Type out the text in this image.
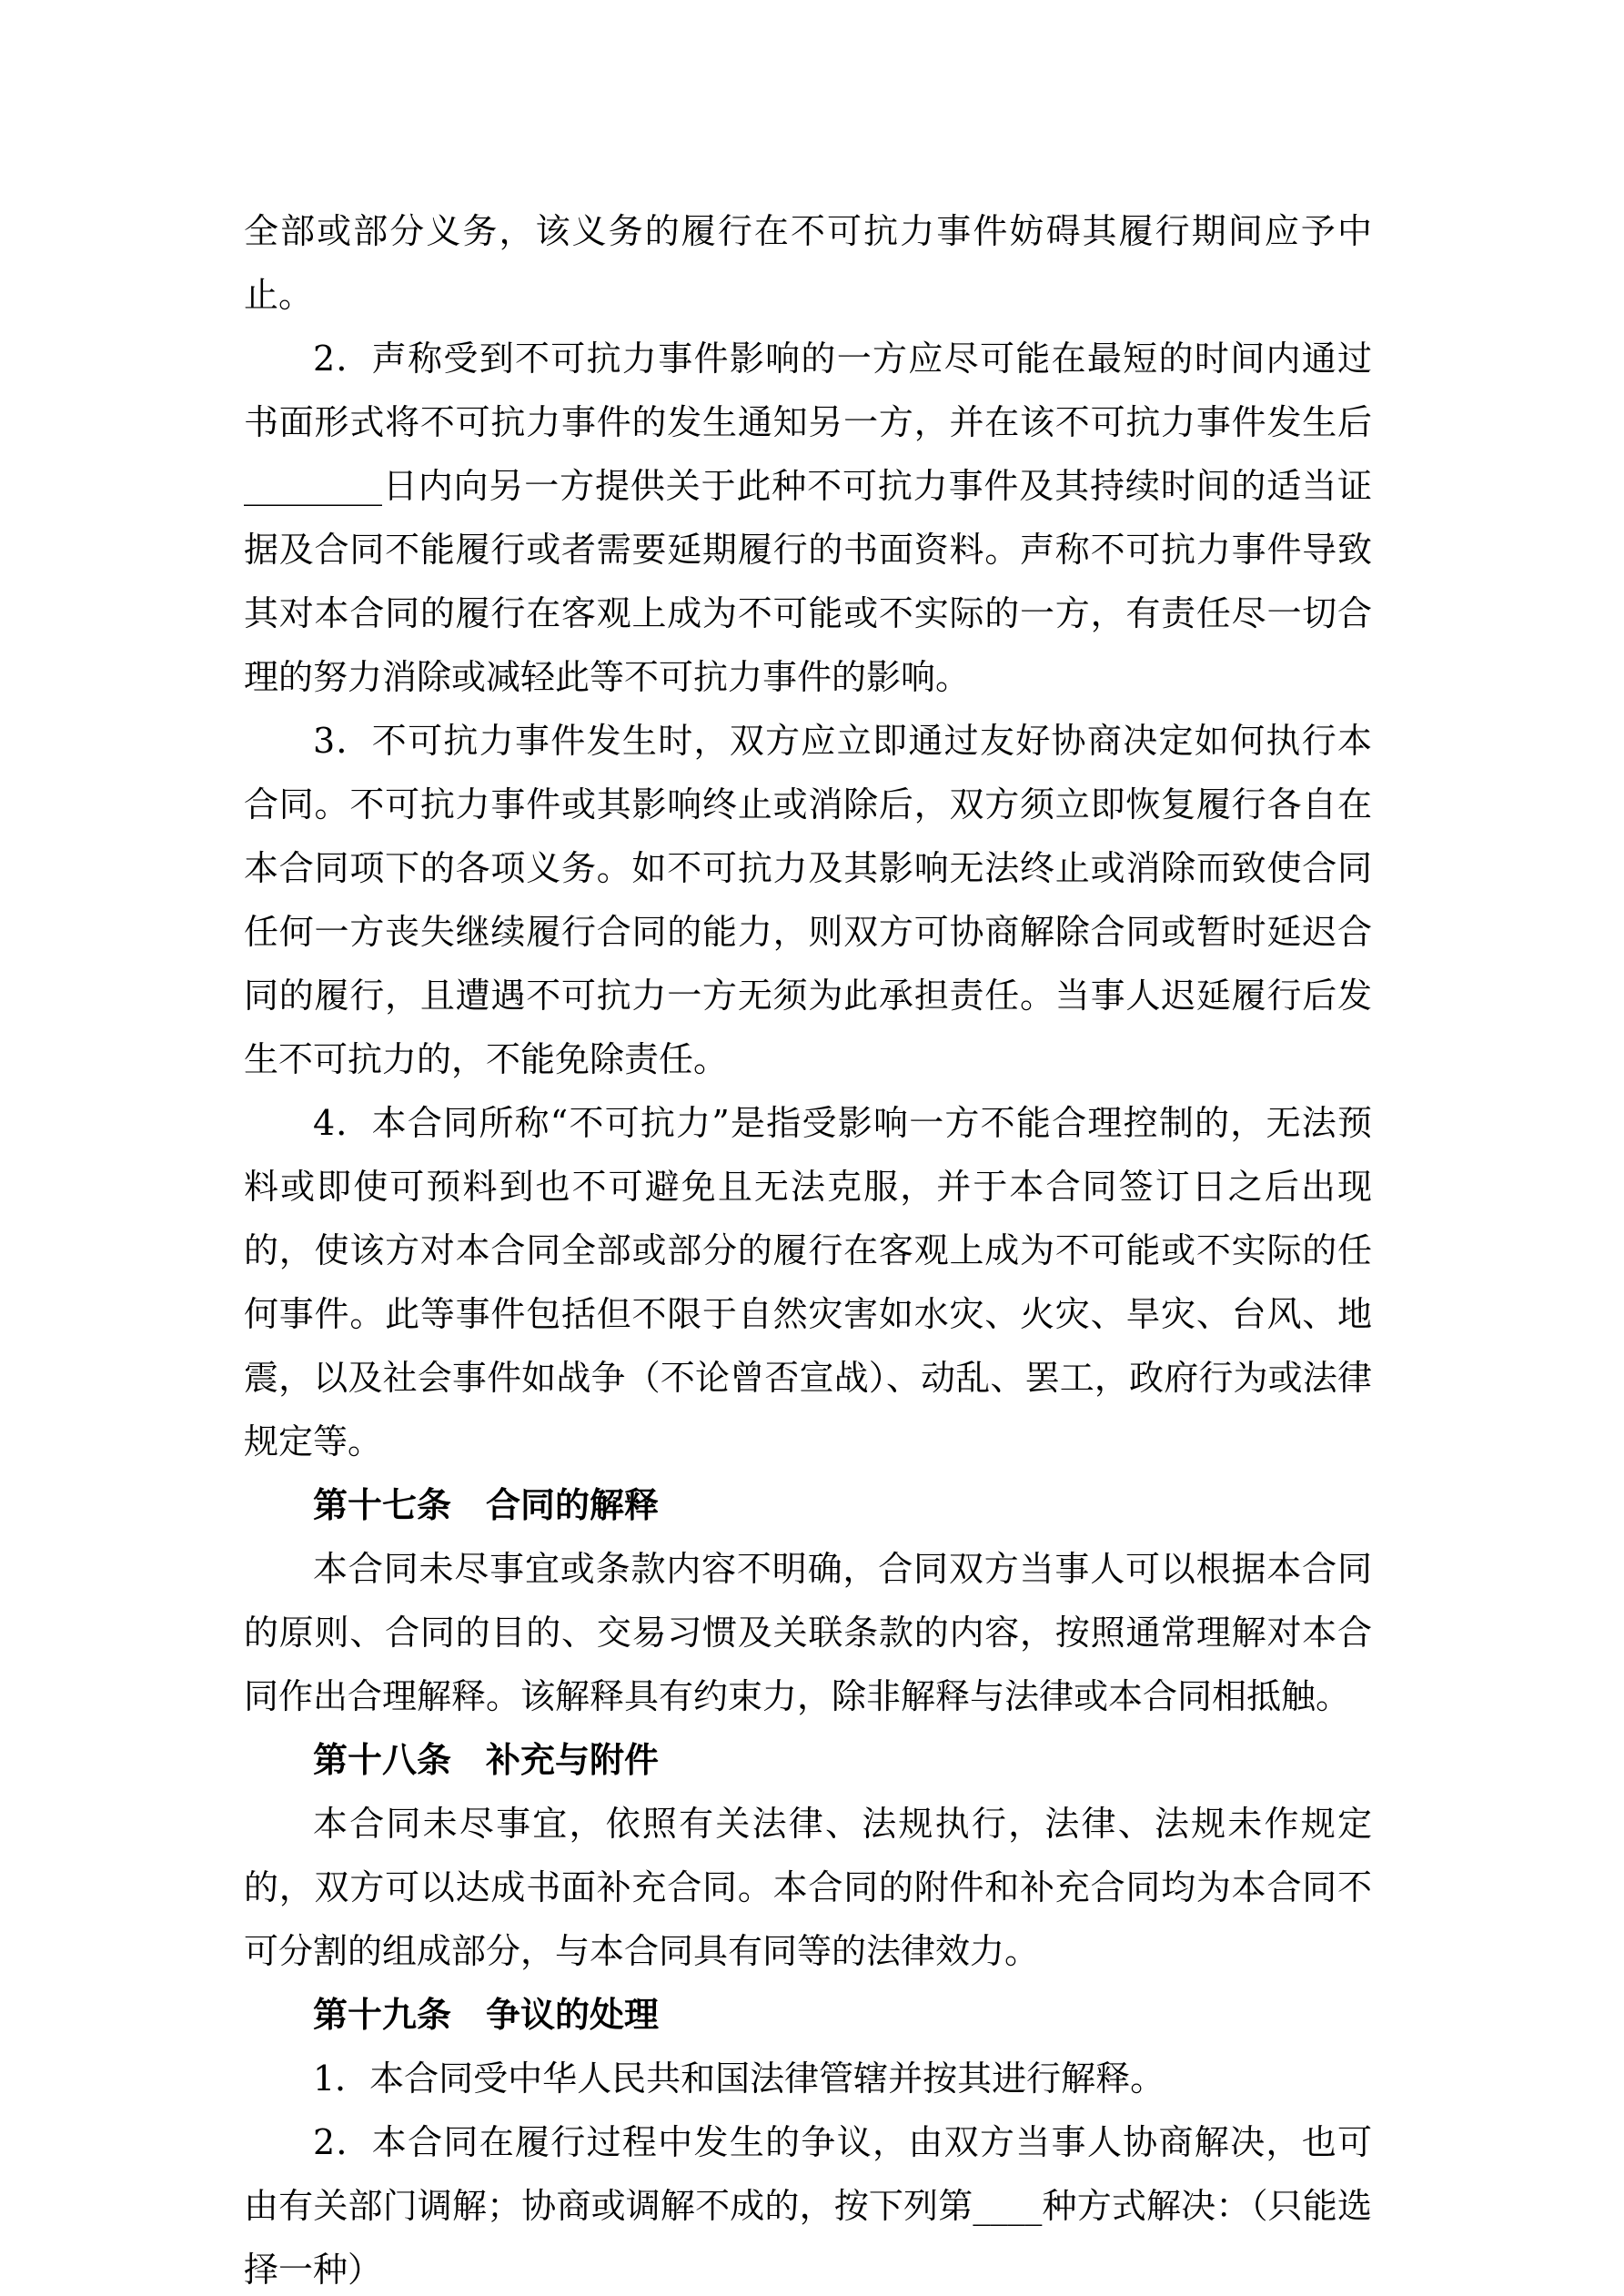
全部或部分义务，该义务的履行在不可抗力事件妨碍其履行期间应予中止。

2．声称受到不可抗力事件影响的一方应尽可能在最短的时间内通过书面形式将不可抗力事件的发生通知另一方，并在该不可抗力事件发生后________日内向另一方提供关于此种不可抗力事件及其持续时间的适当证据及合同不能履行或者需要延期履行的书面资料。声称不可抗力事件导致其对本合同的履行在客观上成为不可能或不实际的一方，有责任尽一切合理的努力消除或减轻此等不可抗力事件的影响。

3．不可抗力事件发生时，双方应立即通过友好协商决定如何执行本合同。不可抗力事件或其影响终止或消除后，双方须立即恢复履行各自在本合同项下的各项义务。如不可抗力及其影响无法终止或消除而致使合同任何一方丧失继续履行合同的能力，则双方可协商解除合同或暂时延迟合同的履行，且遭遇不可抗力一方无须为此承担责任。当事人迟延履行后发生不可抗力的，不能免除责任。

4．本合同所称“不可抗力”是指受影响一方不能合理控制的，无法预料或即使可预料到也不可避免且无法克服，并于本合同签订日之后出现的，使该方对本合同全部或部分的履行在客观上成为不可能或不实际的任何事件。此等事件包括但不限于自然灾害如水灾、火灾、旱灾、台风、地震，以及社会事件如战争（不论曾否宣战）、动乱、罢工，政府行为或法律规定等。

第十七条　合同的解释

本合同未尽事宜或条款内容不明确，合同双方当事人可以根据本合同的原则、合同的目的、交易习惯及关联条款的内容，按照通常理解对本合同作出合理解释。该解释具有约束力，除非解释与法律或本合同相抵触。

第十八条　补充与附件

本合同未尽事宜，依照有关法律、法规执行，法律、法规未作规定的，双方可以达成书面补充合同。本合同的附件和补充合同均为本合同不可分割的组成部分，与本合同具有同等的法律效力。

第十九条　争议的处理

1．本合同受中华人民共和国法律管辖并按其进行解释。

2．本合同在履行过程中发生的争议，由双方当事人协商解决，也可由有关部门调解；协商或调解不成的，按下列第____种方式解决：（只能选择一种）
